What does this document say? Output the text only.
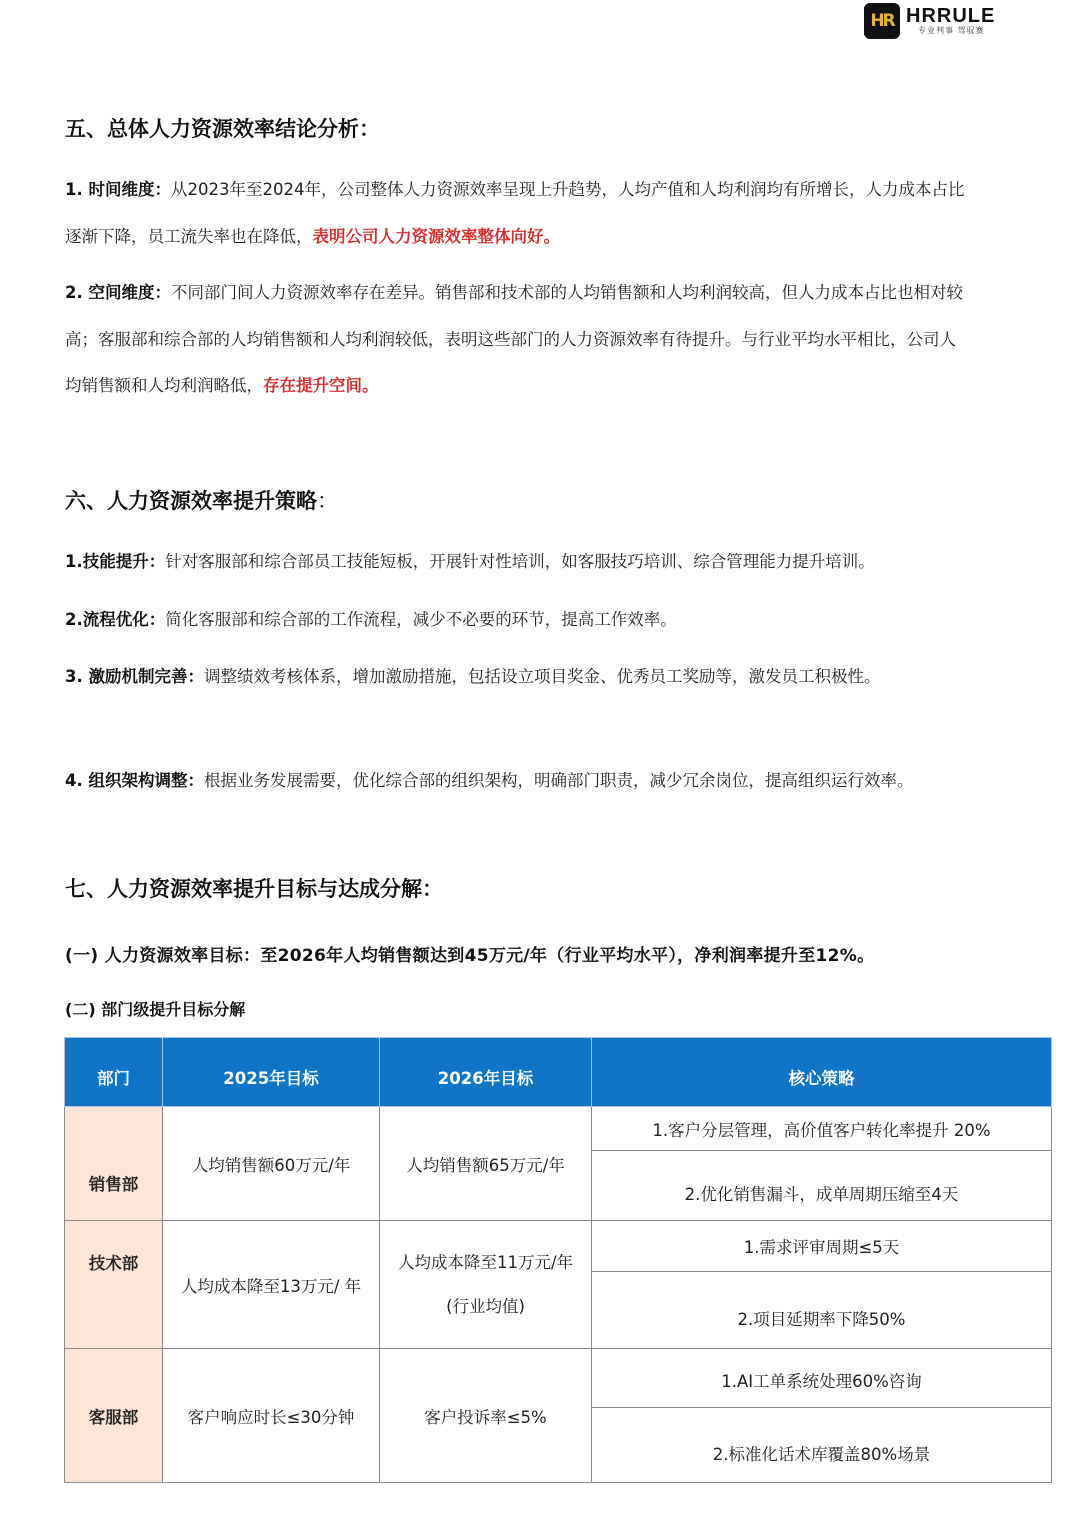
HR HRRULE
专业判事 驾驭赛
五、总体人力资源效率结论分析：
1. 时间维度：从2023年至2024年，公司整体人力资源效率呈现上升趋势，人均产值和人均利润均有所增长，人力成本占比逐渐下降，员工流失率也在降低，表明公司人力资源效率整体向好。
2. 空间维度：不同部门间人力资源效率存在差异。销售部和技术部的人均销售额和人均利润较高，但人力成本占比也相对较高；客服部和综合部的人均销售额和人均利润较低，表明这些部门的人力资源效率有待提升。与行业平均水平相比，公司人均销售额和人均利润略低，存在提升空间。
六、人力资源效率提升策略：
1.技能提升：针对客服部和综合部员工技能短板，开展针对性培训，如客服技巧培训、综合管理能力提升培训。
2.流程优化：简化客服部和综合部的工作流程，减少不必要的环节，提高工作效率。
3. 激励机制完善：调整绩效考核体系，增加激励措施，包括设立项目奖金、优秀员工奖励等，激发员工积极性。
4. 组织架构调整：根据业务发展需要，优化综合部的组织架构，明确部门职责，减少冗余岗位，提高组织运行效率。
七、人力资源效率提升目标与达成分解：
(一) 人力资源效率目标：至2026年人均销售额达到45万元/年（行业平均水平），净利润率提升至12%。
(二) 部门级提升目标分解
部门	2025年目标	2026年目标	核心策略
销售部	人均销售额60万元/年	人均销售额65万元/年	1.客户分层管理，高价值客户转化率提升 20%
			2.优化销售漏斗，成单周期压缩至4天
技术部	人均成本降至13万元/ 年	人均成本降至11万元/年(行业均值)	1.需求评审周期≤5天
			2.项目延期率下降50%
客服部	客户响应时长≤30分钟	客户投诉率≤5%	1.AI工单系统处理60%咨询
			2.标准化话术库覆盖80%场景
